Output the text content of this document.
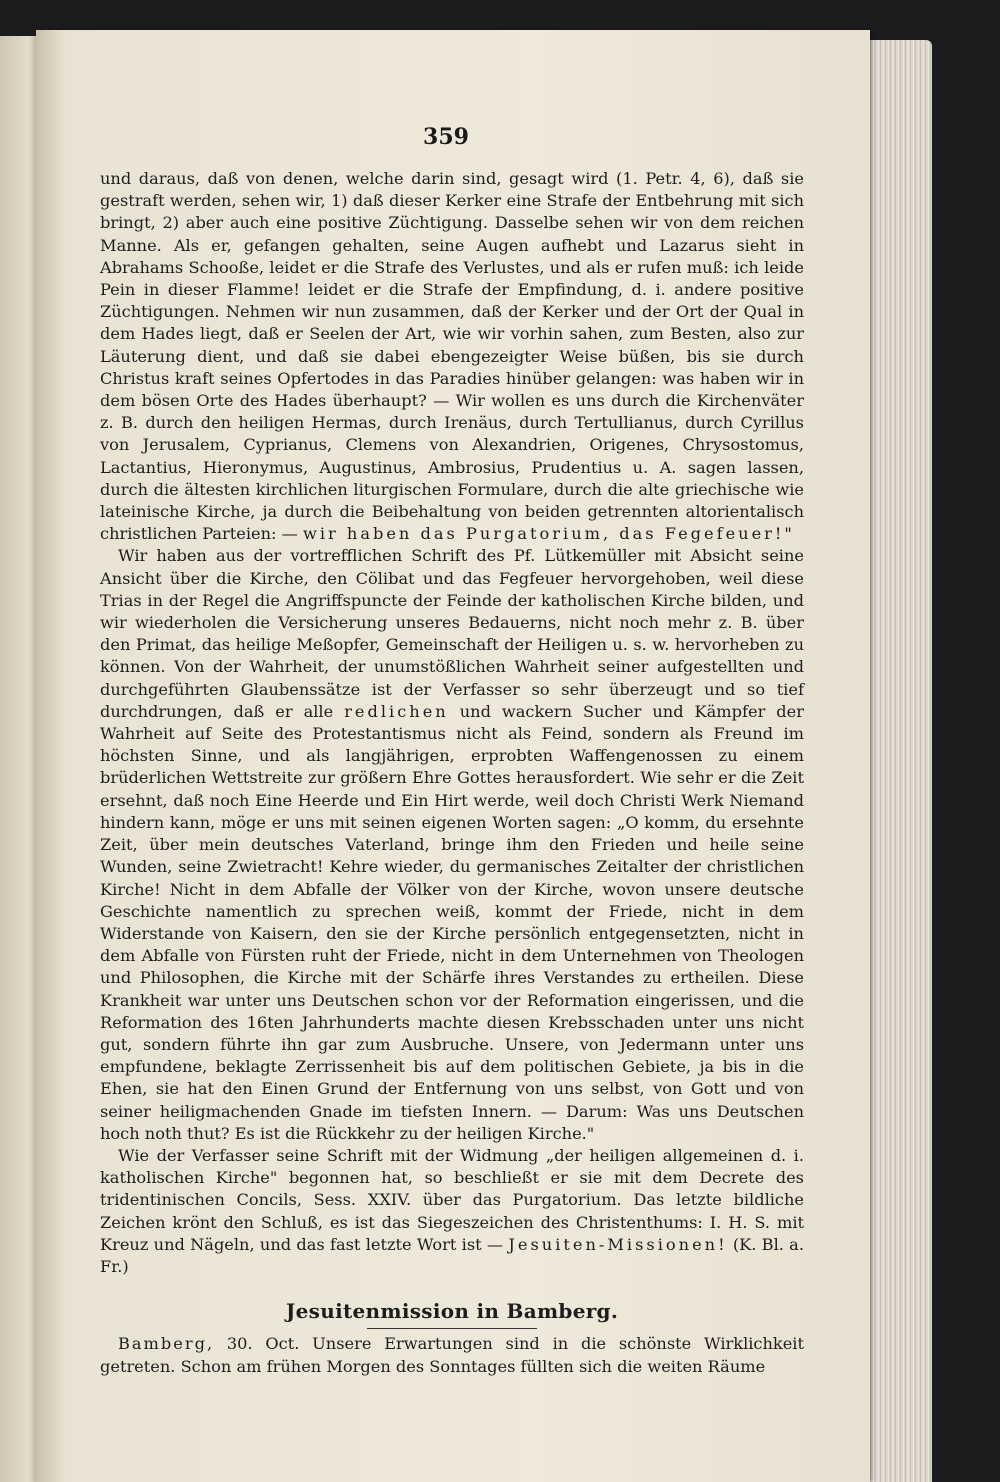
359

und daraus, daß von denen, welche darin sind, gesagt wird (1. Petr. 4, 6), daß sie gestraft werden, sehen wir, 1) daß dieser Kerker eine Strafe der Entbehrung mit sich bringt, 2) aber auch eine positive Züchtigung. Dasselbe sehen wir von dem reichen Manne. Als er, gefangen gehalten, seine Augen aufhebt und Lazarus sieht in Abrahams Schooße, leidet er die Strafe des Verlustes, und als er rufen muß: ich leide Pein in dieser Flamme! leidet er die Strafe der Empfindung, d. i. andere positive Züchtigungen. Nehmen wir nun zusammen, daß der Kerker und der Ort der Qual in dem Hades liegt, daß er Seelen der Art, wie wir vorhin sahen, zum Besten, also zur Läuterung dient, und daß sie dabei ebengezeigter Weise büßen, bis sie durch Christus kraft seines Opfertodes in das Paradies hinüber gelangen: was haben wir in dem bösen Orte des Hades überhaupt? — Wir wollen es uns durch die Kirchenväter z. B. durch den heiligen Hermas, durch Irenäus, durch Tertullianus, durch Cyrillus von Jerusalem, Cyprianus, Clemens von Alexandrien, Origenes, Chrysostomus, Lactantius, Hieronymus, Augustinus, Ambrosius, Prudentius u. A. sagen lassen, durch die ältesten kirchlichen liturgischen Formulare, durch die alte griechische wie lateinische Kirche, ja durch die Beibehaltung von beiden getrennten altorientalisch christlichen Parteien: — wir haben das Purgatorium, das Fegefeuer!"

Wir haben aus der vortrefflichen Schrift des Pf. Lütkemüller mit Absicht seine Ansicht über die Kirche, den Cölibat und das Fegfeuer hervorgehoben, weil diese Trias in der Regel die Angriffspuncte der Feinde der katholischen Kirche bilden, und wir wiederholen die Versicherung unseres Bedauerns, nicht noch mehr z. B. über den Primat, das heilige Meßopfer, Gemeinschaft der Heiligen u. s. w. hervorheben zu können. Von der Wahrheit, der unumstößlichen Wahrheit seiner aufgestellten und durchgeführten Glaubenssätze ist der Verfasser so sehr überzeugt und so tief durchdrungen, daß er alle redlichen und wackern Sucher und Kämpfer der Wahrheit auf Seite des Protestantismus nicht als Feind, sondern als Freund im höchsten Sinne, und als langjährigen, erprobten Waffengenossen zu einem brüderlichen Wettstreite zur größern Ehre Gottes herausfordert. Wie sehr er die Zeit ersehnt, daß noch Eine Heerde und Ein Hirt werde, weil doch Christi Werk Niemand hindern kann, möge er uns mit seinen eigenen Worten sagen: „O komm, du ersehnte Zeit, über mein deutsches Vaterland, bringe ihm den Frieden und heile seine Wunden, seine Zwietracht! Kehre wieder, du germanisches Zeitalter der christlichen Kirche! Nicht in dem Abfalle der Völker von der Kirche, wovon unsere deutsche Geschichte namentlich zu sprechen weiß, kommt der Friede, nicht in dem Widerstande von Kaisern, den sie der Kirche persönlich entgegensetzten, nicht in dem Abfalle von Fürsten ruht der Friede, nicht in dem Unternehmen von Theologen und Philosophen, die Kirche mit der Schärfe ihres Verstandes zu ertheilen. Diese Krankheit war unter uns Deutschen schon vor der Reformation eingerissen, und die Reformation des 16ten Jahrhunderts machte diesen Krebsschaden unter uns nicht gut, sondern führte ihn gar zum Ausbruche. Unsere, von Jedermann unter uns empfundene, beklagte Zerrissenheit bis auf dem politischen Gebiete, ja bis in die Ehen, sie hat den Einen Grund der Entfernung von uns selbst, von Gott und von seiner heiligmachenden Gnade im tiefsten Innern. — Darum: Was uns Deutschen hoch noth thut? Es ist die Rückkehr zu der heiligen Kirche."

Wie der Verfasser seine Schrift mit der Widmung „der heiligen allgemeinen d. i. katholischen Kirche" begonnen hat, so beschließt er sie mit dem Decrete des tridentinischen Concils, Sess. XXIV. über das Purgatorium. Das letzte bildliche Zeichen krönt den Schluß, es ist das Siegeszeichen des Christenthums: I. H. S. mit Kreuz und Nägeln, und das fast letzte Wort ist — Jesuiten-Missionen! (K. Bl. a. Fr.)

Jesuitenmission in Bamberg.

Bamberg, 30. Oct. Unsere Erwartungen sind in die schönste Wirklichkeit getreten. Schon am frühen Morgen des Sonntages füllten sich die weiten Räume
